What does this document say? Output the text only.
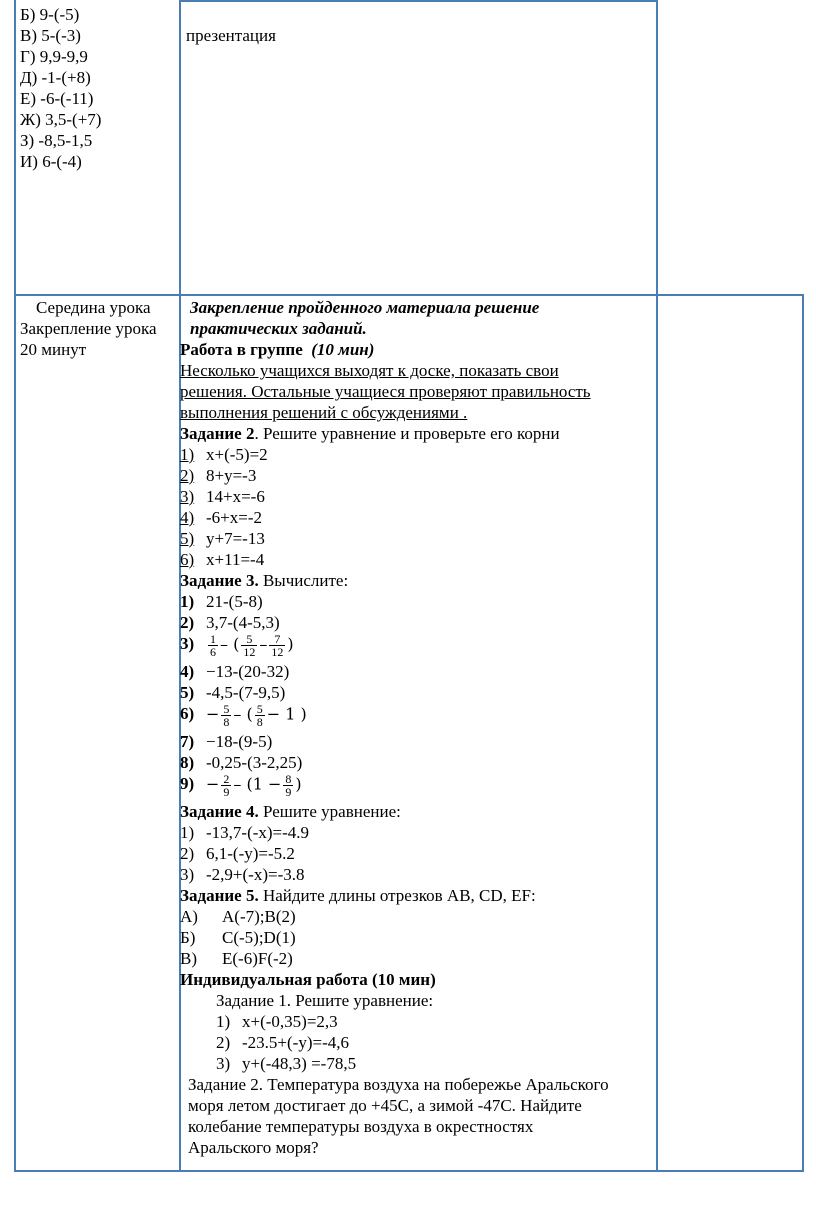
Б) 9-(-5)
В) 5-(-3)
Г) 9,9-9,9
Д) -1-(+8)
Е) -6-(-11)
Ж) 3,5-(+7)
З) -8,5-1,5
И) 6-(-4)
презентация
Середина урока
Закрепление урока
20 минут
Закрепление пройденного материала решение
практических заданий.
Работа в группе (10 мин)
Несколько учащихся выходят к доске, показать свои
решения. Остальные учащиеся проверяют правильность
выполнения решений с обсуждениями .
Задание 2. Решите уравнение и проверьте его корни
1) x+(-5)=2
2) 8+y=-3
3) 14+x=-6
4) -6+x=-2
5) y+7=-13
6) x+11=-4
Задание 3. Вычислите:
1) 21-(5-8)
2) 3,7-(4-5,3)
$3) \frac{1}{6}$ – ( $\frac{5}{12} - \frac{7}{12}$ )
4) −13-(20-32)
5) -4,5-(7-9,5)
$6) - \frac{5}{8}$ – ( $\frac{5}{8} - 1$ )
7) −18-(9-5)
8) -0,25-(3-2,25)
$9) - \frac{2}{9} - (1 - \frac{8}{9}$ )
Задание 4. Решите уравнение:
1) -13,7-(-x)=-4.9
2) 6,1-(-y)=-5.2
3) -2,9+(-x)=-3.8
Задание 5. Найдите длины отрезков АВ, CD, EF:
А) A(-7);B(2)
Б) C(-5);D(1)
В) E(-6)F(-2)
Индивидуальная работа (10 мин)
Задание 1. Решите уравнение:
1) x+(-0,35)=2,3
2) -23.5+(-y)=-4,6
3) y+(-48,3) =-78,5
Задание 2. Температура воздуха на побережье Аральского
моря летом достигает до +45С, а зимой -47С. Найдите
колебание температуры воздуха в окрестностях
Аральского моря?
